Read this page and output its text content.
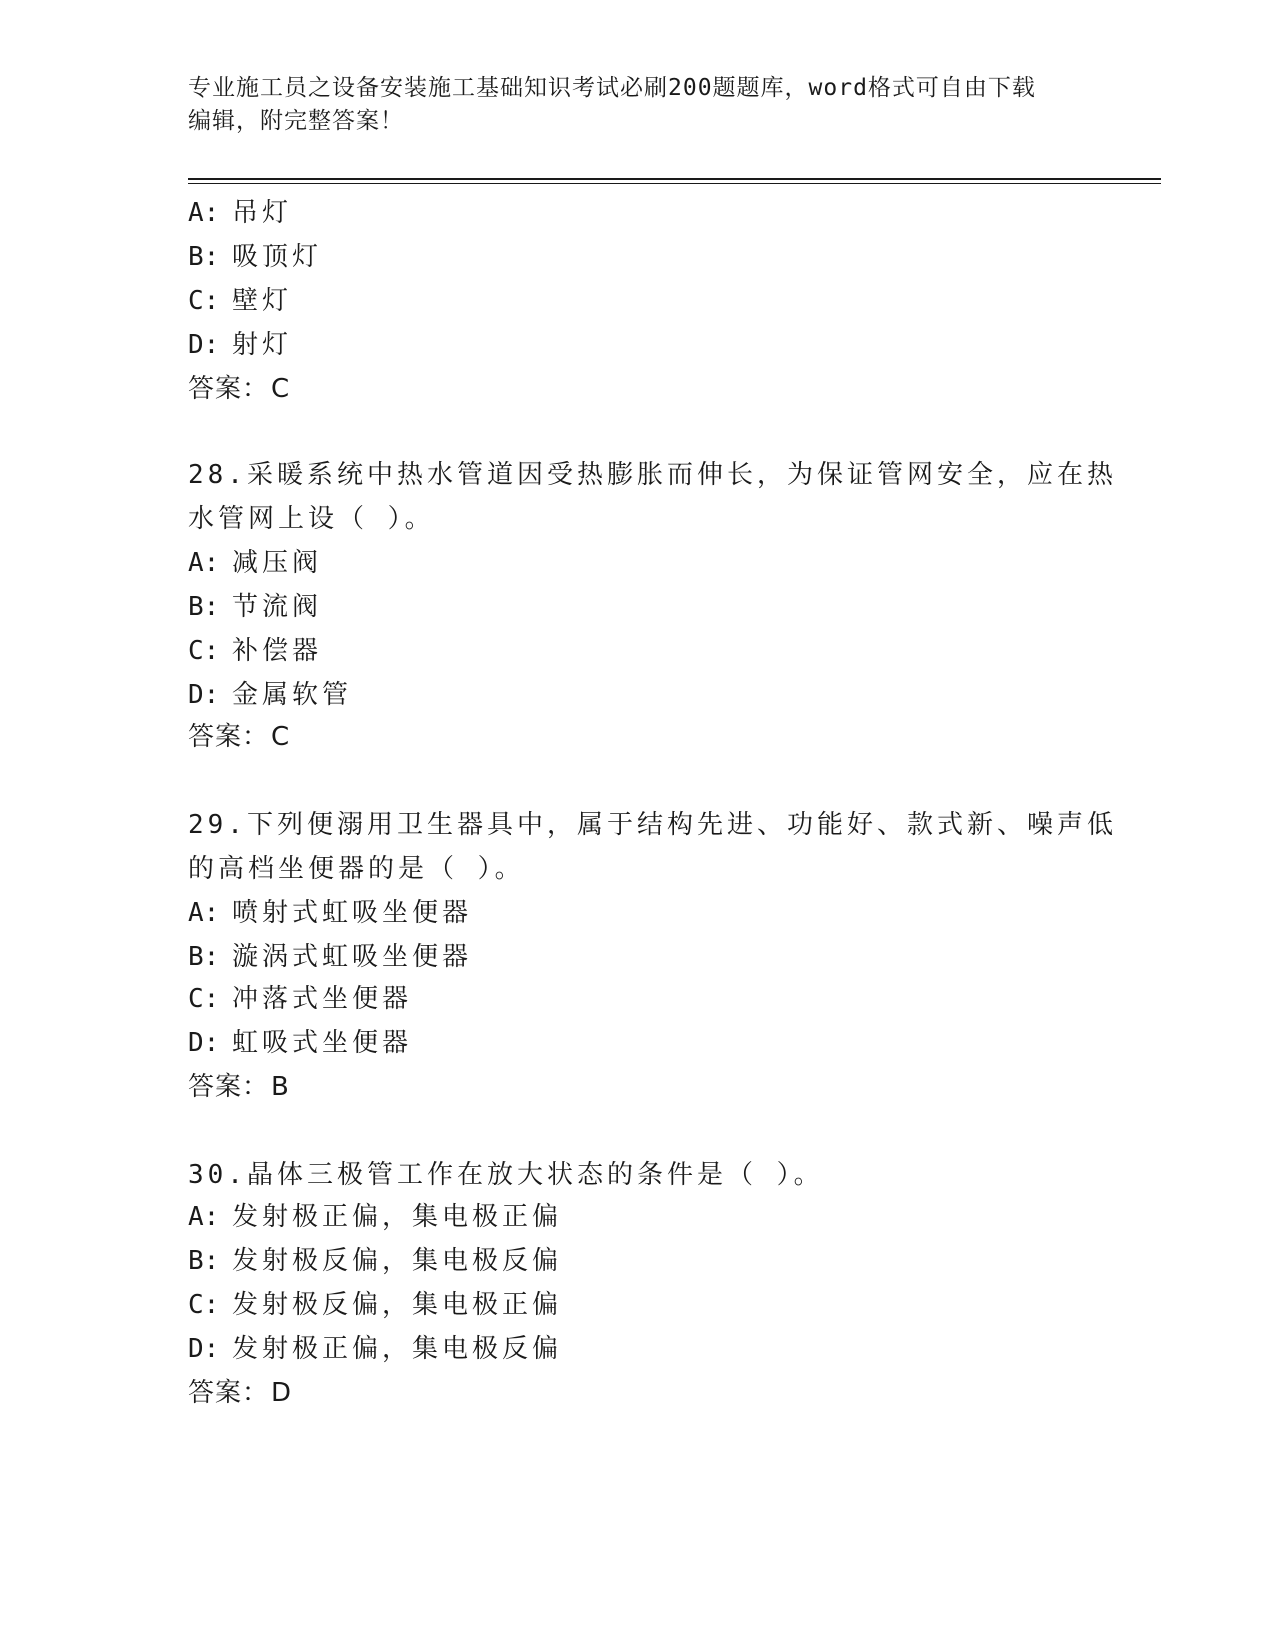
专业施工员之设备安装施工基础知识考试必刷200题题库，word格式可自由下载
编辑，附完整答案！
A: 吊灯
B: 吸顶灯
C: 壁灯
D: 射灯
答案：C
28.采暖系统中热水管道因受热膨胀而伸长，为保证管网安全，应在热
水管网上设（ ）。
A: 减压阀
B: 节流阀
C: 补偿器
D: 金属软管
答案：C
29.下列便溺用卫生器具中，属于结构先进、功能好、款式新、噪声低
的高档坐便器的是（ ）。
A: 喷射式虹吸坐便器
B: 漩涡式虹吸坐便器
C: 冲落式坐便器
D: 虹吸式坐便器
答案：B
30.晶体三极管工作在放大状态的条件是（ ）。
A: 发射极正偏，集电极正偏
B: 发射极反偏，集电极反偏
C: 发射极反偏，集电极正偏
D: 发射极正偏，集电极反偏
答案：D
